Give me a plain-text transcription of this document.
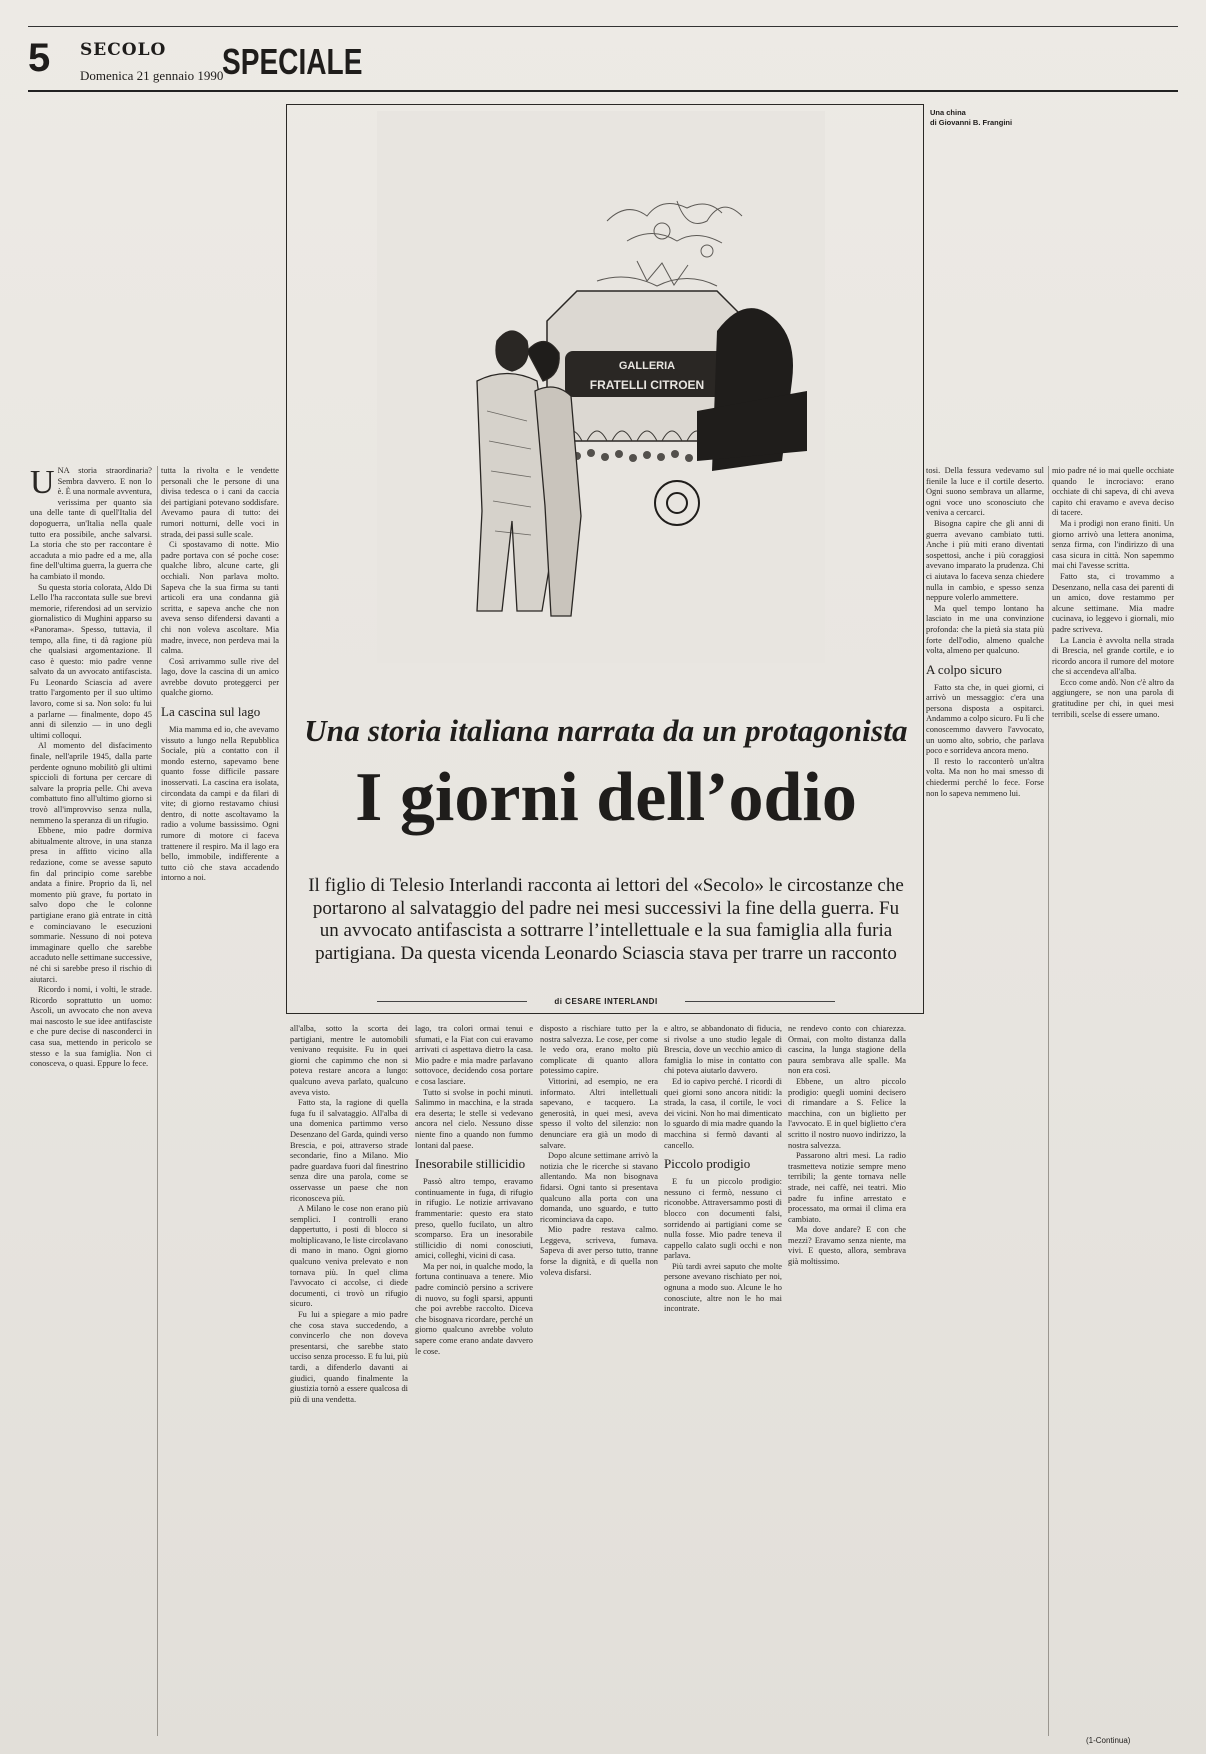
5 SECOLO
Domenica 21 gennaio 1990
SPECIALE
Una china
di Giovanni B. Frangini
GALLERIA
FRATELLI CITROEN
Una storia italiana narrata da un protagonista
I giorni dell’odio
Il figlio di Telesio Interlandi racconta ai lettori del «Secolo» le circostanze che portarono al salvataggio del padre nei mesi successivi la fine della guerra. Fu un avvocato antifascista a sottrarre l’intellettuale e la sua famiglia alla furia partigiana. Da questa vicenda Leonardo Sciascia stava per trarre un racconto
di CESARE INTERLANDI
U NA storia straordinaria? Sembra davvero. E non lo è. È una normale avventura, verissima per quanto sia una delle tante di quell'Italia del dopoguerra, un'Italia nella quale tutto era possibile, anche salvarsi. La storia che sto per raccontare è accaduta a mio padre ed a me, alla fine dell'ultima guerra, la guerra che ha cambiato il mondo.

Su questa storia colorata, Aldo Di Lello l'ha raccontata sulle sue brevi memorie, riferendosi ad un servizio giornalistico di Mughini apparso su «Panorama». Spesso, tuttavia, il tempo, alla fine, ti dà ragione più che qualsiasi argomentazione. Il caso è questo: mio padre venne salvato da un avvocato antifascista. Fu Leonardo Sciascia ad avere tratto l'argomento per il suo ultimo lavoro, come si sa. Non solo: fu lui a parlarne — finalmente, dopo 45 anni di silenzio — in uno degli ultimi colloqui.

Al momento del disfacimento finale, nell'aprile 1945, dalla parte perdente ognuno mobilitò gli ultimi spiccioli di fortuna per cercare di salvare la propria pelle. Chi aveva combattuto fino all'ultimo giorno si trovò all'improvviso senza nulla, nemmeno la speranza di un rifugio.

Ebbene, mio padre dormiva abitualmente altrove, in una stanza presa in affitto vicino alla redazione, come se avesse saputo fin dal principio come sarebbe andata a finire. Proprio da lì, nel momento più grave, fu portato in salvo dopo che le colonne partigiane erano già entrate in città e cominciavano le esecuzioni sommarie. Nessuno di noi poteva immaginare quello che sarebbe accaduto nelle settimane successive, né chi si sarebbe preso il rischio di aiutarci.

Ricordo i nomi, i volti, le strade. Ricordo soprattutto un uomo: Ascoli, un avvocato che non aveva mai nascosto le sue idee antifasciste e che pure decise di nasconderci in casa sua, mettendo in pericolo se stesso e la sua famiglia. Non ci conosceva, o quasi. Eppure lo fece.

tutta la rivolta e le vendette personali che le persone di una divisa tedesca o i cani da caccia dei partigiani potevano soddisfare. Avevamo paura di tutto: dei rumori notturni, delle voci in strada, dei passi sulle scale.

Ci spostavamo di notte. Mio padre portava con sé poche cose: qualche libro, alcune carte, gli occhiali. Non parlava molto. Sapeva che la sua firma su tanti articoli era una condanna già scritta, e sapeva anche che non aveva senso difendersi davanti a chi non voleva ascoltare. Mia madre, invece, non perdeva mai la calma.

Così arrivammo sulle rive del lago, dove la cascina di un amico avrebbe dovuto proteggerci per qualche giorno.

La cascina sul lago

Mia mamma ed io, che avevamo vissuto a lungo nella Repubblica Sociale, più a contatto con il mondo esterno, sapevamo bene quanto fosse difficile passare inosservati. La cascina era isolata, circondata da campi e da filari di vite; di giorno restavamo chiusi dentro, di notte ascoltavamo la radio a volume bassissimo. Ogni rumore di motore ci faceva trattenere il respiro. Ma il lago era bello, immobile, indifferente a tutto ciò che stava accadendo intorno a noi.

all'alba, sotto la scorta dei partigiani, mentre le automobili venivano requisite. Fu in quei giorni che capimmo che non si poteva restare ancora a lungo: qualcuno aveva parlato, qualcuno aveva visto.

Fatto sta, la ragione di quella fuga fu il salvataggio. All'alba di una domenica partimmo verso Desenzano del Garda, quindi verso Brescia, e poi, attraverso strade secondarie, fino a Milano. Mio padre guardava fuori dal finestrino senza dire una parola, come se osservasse un paese che non riconosceva più.

A Milano le cose non erano più semplici. I controlli erano dappertutto, i posti di blocco si moltiplicavano, le liste circolavano di mano in mano. Ogni giorno qualcuno veniva prelevato e non tornava più. In quel clima l'avvocato ci accolse, ci diede documenti, ci trovò un rifugio sicuro.

Fu lui a spiegare a mio padre che cosa stava succedendo, a convincerlo che non doveva presentarsi, che sarebbe stato ucciso senza processo. E fu lui, più tardi, a difenderlo davanti ai giudici, quando finalmente la giustizia tornò a essere qualcosa di più di una vendetta.

lago, tra colori ormai tenui e sfumati, e la Fiat con cui eravamo arrivati ci aspettava dietro la casa. Mio padre e mia madre parlavano sottovoce, decidendo cosa portare e cosa lasciare.

Tutto si svolse in pochi minuti. Salimmo in macchina, e la strada era deserta; le stelle si vedevano ancora nel cielo. Nessuno disse niente fino a quando non fummo lontani dal paese.

Inesorabile stillicidio

Passò altro tempo, eravamo continuamente in fuga, di rifugio in rifugio. Le notizie arrivavano frammentarie: questo era stato preso, quello fucilato, un altro scomparso. Era un inesorabile stillicidio di nomi conosciuti, amici, colleghi, vicini di casa.

Ma per noi, in qualche modo, la fortuna continuava a tenere. Mio padre cominciò persino a scrivere di nuovo, su fogli sparsi, appunti che poi avrebbe raccolto. Diceva che bisognava ricordare, perché un giorno qualcuno avrebbe voluto sapere come erano andate davvero le cose.

disposto a rischiare tutto per la nostra salvezza. Le cose, per come le vedo ora, erano molto più complicate di quanto allora potessimo capire.

Vittorini, ad esempio, ne era informato. Altri intellettuali sapevano, e tacquero. La generosità, in quei mesi, aveva spesso il volto del silenzio: non denunciare era già un modo di salvare.

Dopo alcune settimane arrivò la notizia che le ricerche si stavano allentando. Ma non bisognava fidarsi. Ogni tanto si presentava qualcuno alla porta con una domanda, uno sguardo, e tutto ricominciava da capo.

Mio padre restava calmo. Leggeva, scriveva, fumava. Sapeva di aver perso tutto, tranne forse la dignità, e di quella non voleva disfarsi.

e altro, se abbandonato di fiducia, si rivolse a uno studio legale di Brescia, dove un vecchio amico di famiglia lo mise in contatto con chi poteva aiutarlo davvero.

Ed io capivo perché. I ricordi di quei giorni sono ancora nitidi: la strada, la casa, il cortile, le voci dei vicini. Non ho mai dimenticato lo sguardo di mia madre quando la macchina si fermò davanti al cancello.

Piccolo prodigio

E fu un piccolo prodigio: nessuno ci fermò, nessuno ci riconobbe. Attraversammo posti di blocco con documenti falsi, sorridendo ai partigiani come se nulla fosse. Mio padre teneva il cappello calato sugli occhi e non parlava.

Più tardi avrei saputo che molte persone avevano rischiato per noi, ognuna a modo suo. Alcune le ho conosciute, altre non le ho mai incontrate.

ne rendevo conto con chiarezza. Ormai, con molto distanza dalla cascina, la lunga stagione della paura sembrava alle spalle. Ma non era così.

Ebbene, un altro piccolo prodigio: quegli uomini decisero di rimandare a S. Felice la macchina, con un biglietto per l'avvocato. E in quel biglietto c'era scritto il nostro nuovo indirizzo, la nostra salvezza.

Passarono altri mesi. La radio trasmetteva notizie sempre meno terribili; la gente tornava nelle strade, nei caffè, nei teatri. Mio padre fu infine arrestato e processato, ma ormai il clima era cambiato.

Ma dove andare? E con che mezzi? Eravamo senza niente, ma vivi. E questo, allora, sembrava già moltissimo.

tosi. Della fessura vedevamo sul fienile la luce e il cortile deserto. Ogni suono sembrava un allarme, ogni voce uno sconosciuto che veniva a cercarci.

Bisogna capire che gli anni di guerra avevano cambiato tutti. Anche i più miti erano diventati sospettosi, anche i più coraggiosi avevano imparato la prudenza. Chi ci aiutava lo faceva senza chiedere nulla in cambio, e spesso senza neppure volerlo ammettere.

Ma quel tempo lontano ha lasciato in me una convinzione profonda: che la pietà sia stata più forte dell'odio, almeno qualche volta, almeno per qualcuno.

A colpo sicuro

Fatto sta che, in quei giorni, ci arrivò un messaggio: c'era una persona disposta a ospitarci. Andammo a colpo sicuro. Fu lì che conoscemmo davvero l'avvocato, un uomo alto, sobrio, che parlava poco e sorrideva ancora meno.

Il resto lo racconterò un'altra volta. Ma non ho mai smesso di chiedermi perché lo fece. Forse non lo sapeva nemmeno lui.

mio padre né io mai quelle occhiate quando le incrociavo: erano occhiate di chi sapeva, di chi aveva capito chi eravamo e aveva deciso di tacere.

Ma i prodigi non erano finiti. Un giorno arrivò una lettera anonima, senza firma, con l'indirizzo di una casa sicura in città. Non sapemmo mai chi l'avesse scritta.

Fatto sta, ci trovammo a Desenzano, nella casa dei parenti di un amico, dove restammo per alcune settimane. Mia madre cucinava, io leggevo i giornali, mio padre scriveva.

La Lancia è avvolta nella strada di Brescia, nel grande cortile, e io ricordo ancora il rumore del motore che si accendeva all'alba.

Ecco come andò. Non c'è altro da aggiungere, se non una parola di gratitudine per chi, in quei mesi terribili, scelse di essere umano.

(1-Continua)
